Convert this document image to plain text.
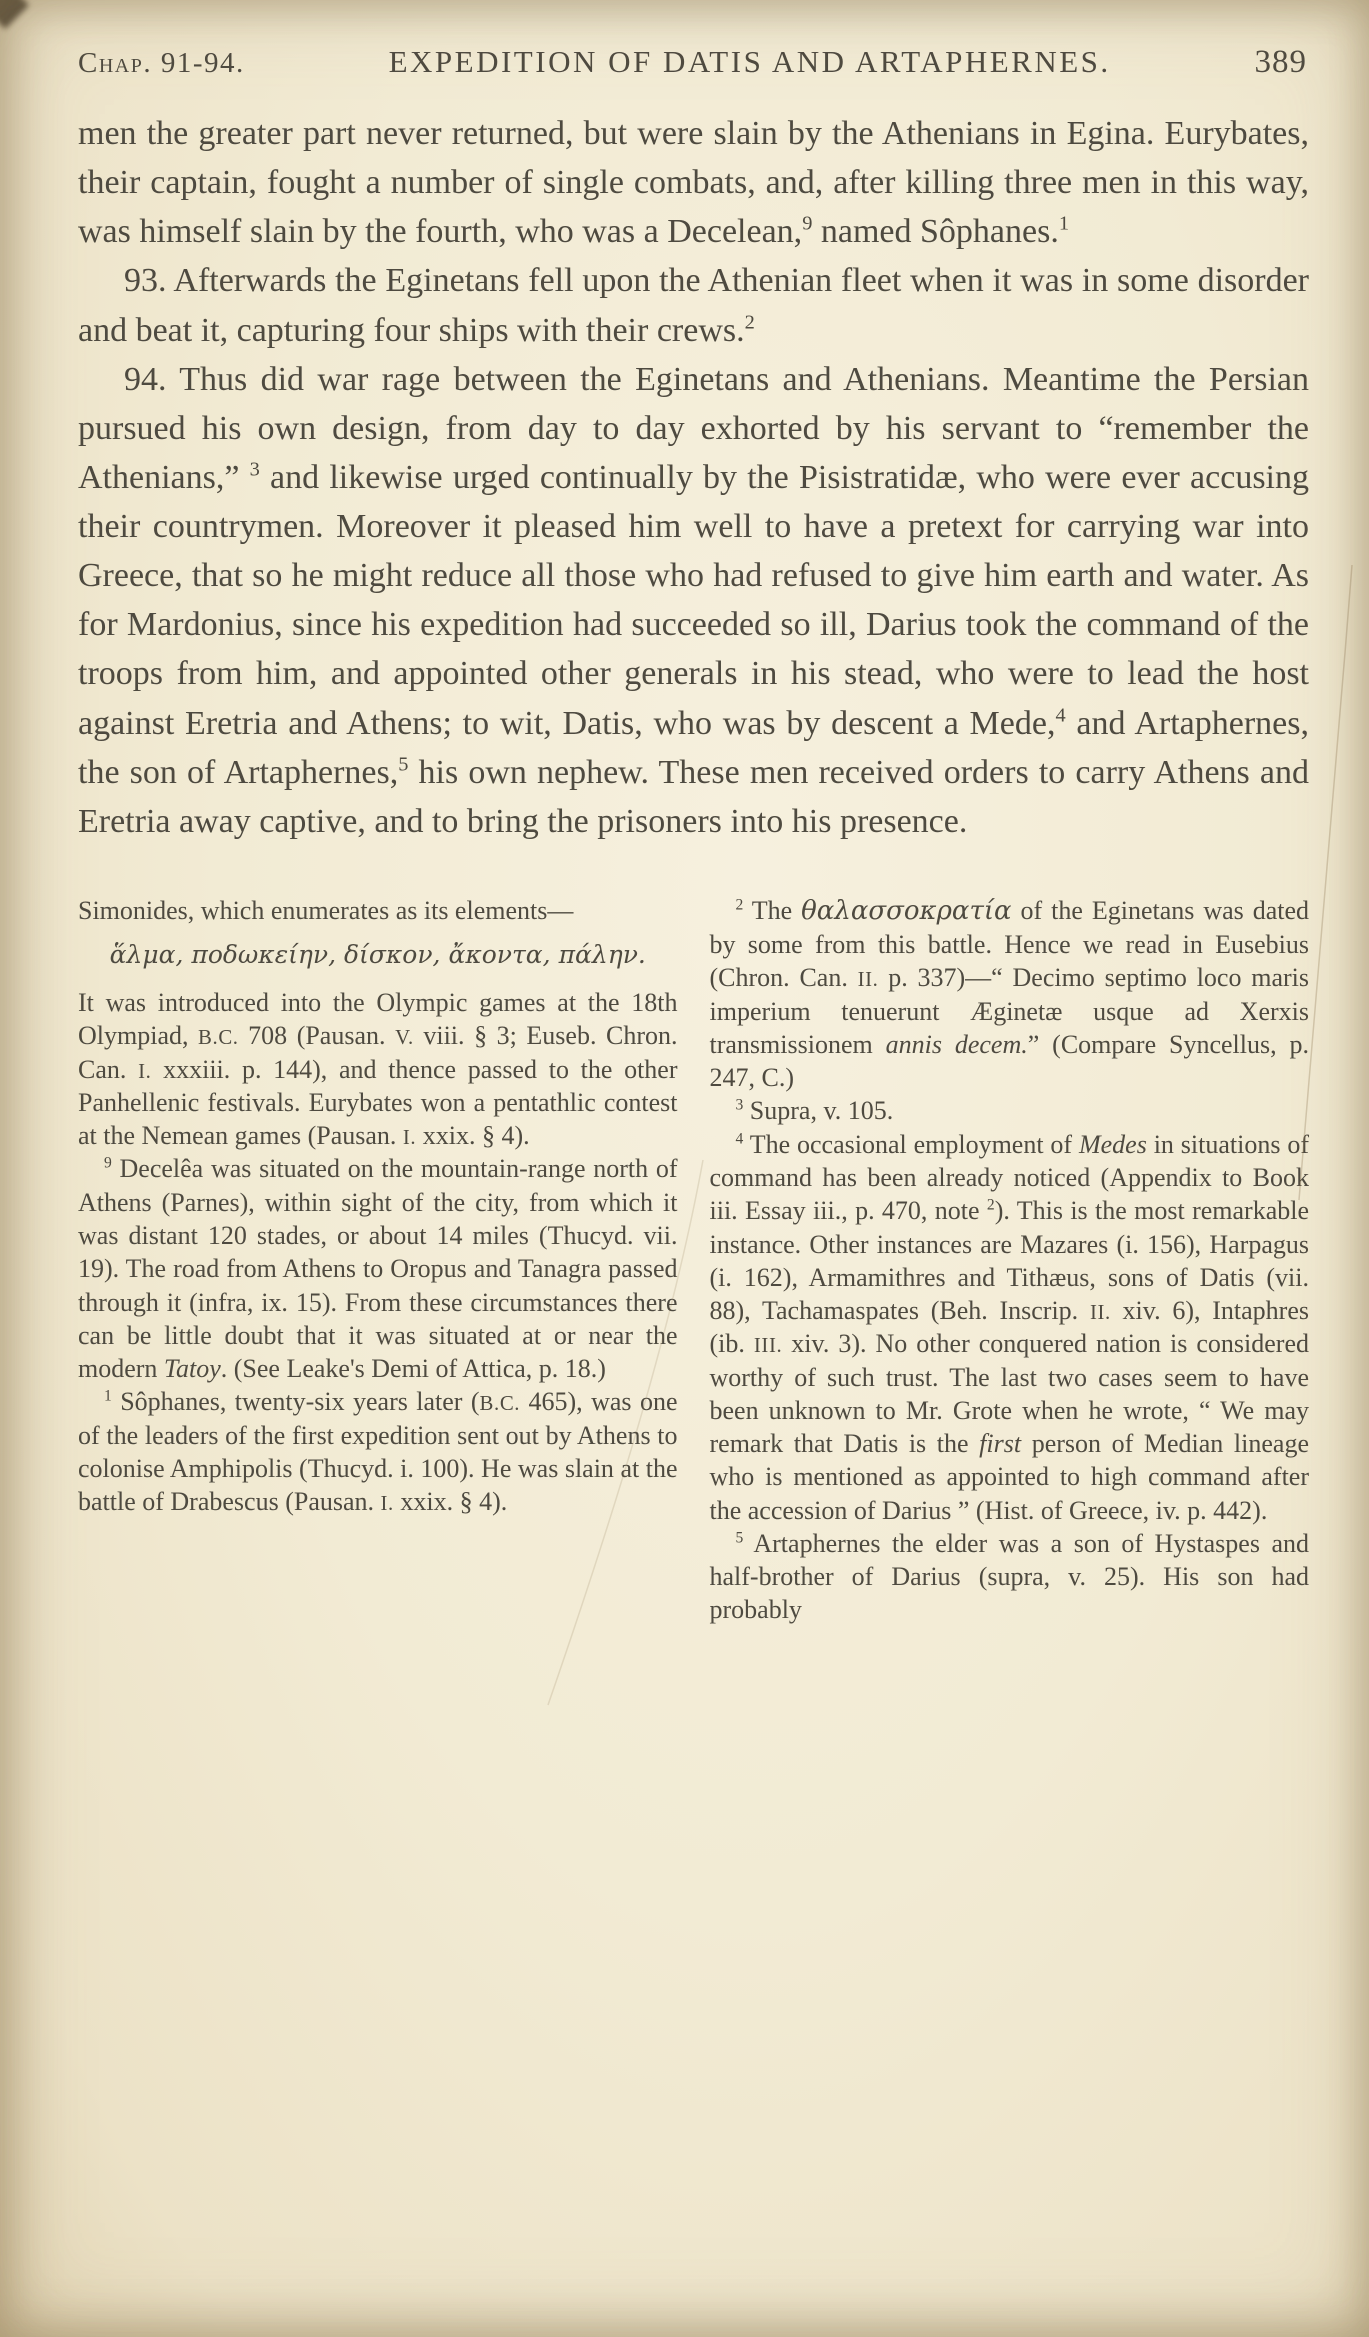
Chap. 91-94.	EXPEDITION OF DATIS AND ARTAPHERNES.	389

men the greater part never returned, but were slain by the Athenians in Egina. Eurybates, their captain, fought a number of single combats, and, after killing three men in this way, was himself slain by the fourth, who was a Decelean,$^9$ named Sôphanes.$^1$

93. Afterwards the Eginetans fell upon the Athenian fleet when it was in some disorder and beat it, capturing four ships with their crews.$^2$

94. Thus did war rage between the Eginetans and Athenians. Meantime the Persian pursued his own design, from day to day exhorted by his servant to “remember the Athenians,” $^3$ and likewise urged continually by the Pisistratidæ, who were ever accusing their countrymen. Moreover it pleased him well to have a pretext for carrying war into Greece, that so he might reduce all those who had refused to give him earth and water. As for Mardonius, since his expedition had succeeded so ill, Darius took the command of the troops from him, and appointed other generals in his stead, who were to lead the host against Eretria and Athens; to wit, Datis, who was by descent a Mede,$^4$ and Artaphernes, the son of Artaphernes,$^5$ his own nephew. These men received orders to carry Athens and Eretria away captive, and to bring the prisoners into his presence.

Simonides, which enumerates as its elements—

ἅλμα, ποδωκείην, δίσκον, ἄκοντα, πάλην.

It was introduced into the Olympic games at the 18th Olympiad, B.C. 708 (Pausan. V. viii. § 3; Euseb. Chron. Can. I. xxxiii. p. 144), and thence passed to the other Panhellenic festivals. Eurybates won a pentathlic contest at the Nemean games (Pausan. I. xxix. § 4).

$^9$ Decelêa was situated on the mountain-range north of Athens (Parnes), within sight of the city, from which it was distant 120 stades, or about 14 miles (Thucyd. vii. 19). The road from Athens to Oropus and Tanagra passed through it (infra, ix. 15). From these circumstances there can be little doubt that it was situated at or near the modern Tatoy. (See Leake's Demi of Attica, p. 18.)

$^1$ Sôphanes, twenty-six years later (B.C. 465), was one of the leaders of the first expedition sent out by Athens to colonise Amphipolis (Thucyd. i. 100). He was slain at the battle of Drabescus (Pausan. I. xxix. § 4).

$^2$ The θαλασσοκρατία of the Eginetans was dated by some from this battle. Hence we read in Eusebius (Chron. Can. II. p. 337)—“ Decimo septimo loco maris imperium tenuerunt Æginetæ usque ad Xerxis transmissionem annis decem.” (Compare Syncellus, p. 247, C.)

$^3$ Supra, v. 105.

$^4$ The occasional employment of Medes in situations of command has been already noticed (Appendix to Book iii. Essay iii., p. 470, note $^2$). This is the most remarkable instance. Other instances are Mazares (i. 156), Harpagus (i. 162), Armamithres and Tithæus, sons of Datis (vii. 88), Tachamaspates (Beh. Inscrip. II. xiv. 6), Intaphres (ib. III. xiv. 3). No other conquered nation is considered worthy of such trust. The last two cases seem to have been unknown to Mr. Grote when he wrote, “ We may remark that Datis is the first person of Median lineage who is mentioned as appointed to high command after the accession of Darius ” (Hist. of Greece, iv. p. 442).

$^5$ Artaphernes the elder was a son of Hystaspes and half-brother of Darius (supra, v. 25). His son had probably
